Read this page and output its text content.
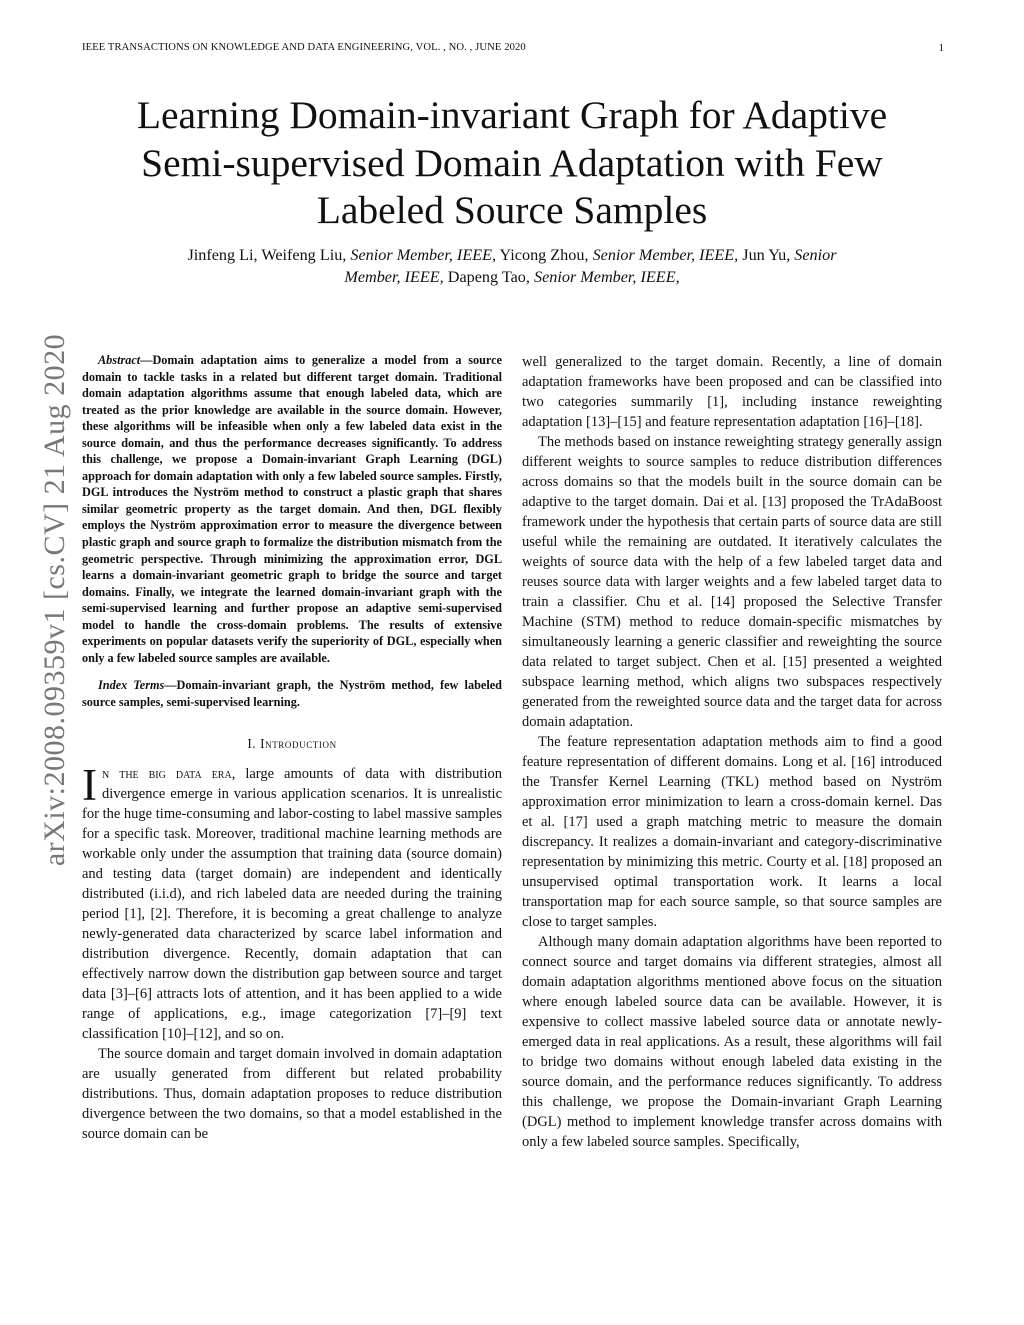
IEEE TRANSACTIONS ON KNOWLEDGE AND DATA ENGINEERING, VOL. , NO. , JUNE 2020	1
Learning Domain-invariant Graph for Adaptive
Semi-supervised Domain Adaptation with Few
Labeled Source Samples
Jinfeng Li, Weifeng Liu, Senior Member, IEEE, Yicong Zhou, Senior Member, IEEE, Jun Yu, Senior
Member, IEEE, Dapeng Tao, Senior Member, IEEE,
arXiv:2008.09359v1 [cs.CV] 21 Aug 2020	Abstract—Domain adaptation aims to generalize a model from a source domain to tackle tasks in a related but different target domain. Traditional domain adaptation algorithms assume that enough labeled data, which are treated as the prior knowledge are available in the source domain. However, these algorithms will be infeasible when only a few labeled data exist in the source domain, and thus the performance decreases significantly. To address this challenge, we propose a Domain-invariant Graph Learning (DGL) approach for domain adaptation with only a few labeled source samples. Firstly, DGL introduces the Nyström method to construct a plastic graph that shares similar geometric property as the target domain. And then, DGL flexibly employs the Nyström approximation error to measure the divergence between plastic graph and source graph to formalize the distribution mismatch from the geometric perspective. Through minimizing the approximation error, DGL learns a domain-invariant geometric graph to bridge the source and target domains. Finally, we integrate the learned domain-invariant graph with the semi-supervised learning and further propose an adaptive semi-supervised model to handle the cross-domain problems. The results of extensive experiments on popular datasets verify the superiority of DGL, especially when only a few labeled source samples are available.

Index Terms—Domain-invariant graph, the Nyström method, few labeled source samples, semi-supervised learning.

I. Introduction

In the big data era, large amounts of data with distribution divergence emerge in various application scenarios. It is unrealistic for the huge time-consuming and labor-costing to label massive samples for a specific task. Moreover, traditional machine learning methods are workable only under the assumption that training data (source domain) and testing data (target domain) are independent and identically distributed (i.i.d), and rich labeled data are needed during the training period [1], [2]. Therefore, it is becoming a great challenge to analyze newly-generated data characterized by scarce label information and distribution divergence. Recently, domain adaptation that can effectively narrow down the distribution gap between source and target data [3]–[6] attracts lots of attention, and it has been applied to a wide range of applications, e.g., image categorization [7]–[9] text classification [10]–[12], and so on.

The source domain and target domain involved in domain adaptation are usually generated from different but related probability distributions. Thus, domain adaptation proposes to reduce distribution divergence between the two domains, so that a model established in the source domain can be

well generalized to the target domain. Recently, a line of domain adaptation frameworks have been proposed and can be classified into two categories summarily [1], including instance reweighting adaptation [13]–[15] and feature representation adaptation [16]–[18].

The methods based on instance reweighting strategy generally assign different weights to source samples to reduce distribution differences across domains so that the models built in the source domain can be adaptive to the target domain. Dai et al. [13] proposed the TrAdaBoost framework under the hypothesis that certain parts of source data are still useful while the remaining are outdated. It iteratively calculates the weights of source data with the help of a few labeled target data and reuses source data with larger weights and a few labeled target data to train a classifier. Chu et al. [14] proposed the Selective Transfer Machine (STM) method to reduce domain-specific mismatches by simultaneously learning a generic classifier and reweighting the source data related to target subject. Chen et al. [15] presented a weighted subspace learning method, which aligns two subspaces respectively generated from the reweighted source data and the target data for across domain adaptation.

The feature representation adaptation methods aim to find a good feature representation of different domains. Long et al. [16] introduced the Transfer Kernel Learning (TKL) method based on Nyström approximation error minimization to learn a cross-domain kernel. Das et al. [17] used a graph matching metric to measure the domain discrepancy. It realizes a domain-invariant and category-discriminative representation by minimizing this metric. Courty et al. [18] proposed an unsupervised optimal transportation work. It learns a local transportation map for each source sample, so that source samples are close to target samples.

Although many domain adaptation algorithms have been reported to connect source and target domains via different strategies, almost all domain adaptation algorithms mentioned above focus on the situation where enough labeled source data can be available. However, it is expensive to collect massive labeled source data or annotate newly-emerged data in real applications. As a result, these algorithms will fail to bridge two domains without enough labeled data existing in the source domain, and the performance reduces significantly. To address this challenge, we propose the Domain-invariant Graph Learning (DGL) method to implement knowledge transfer across domains with only a few labeled source samples. Specifically,
